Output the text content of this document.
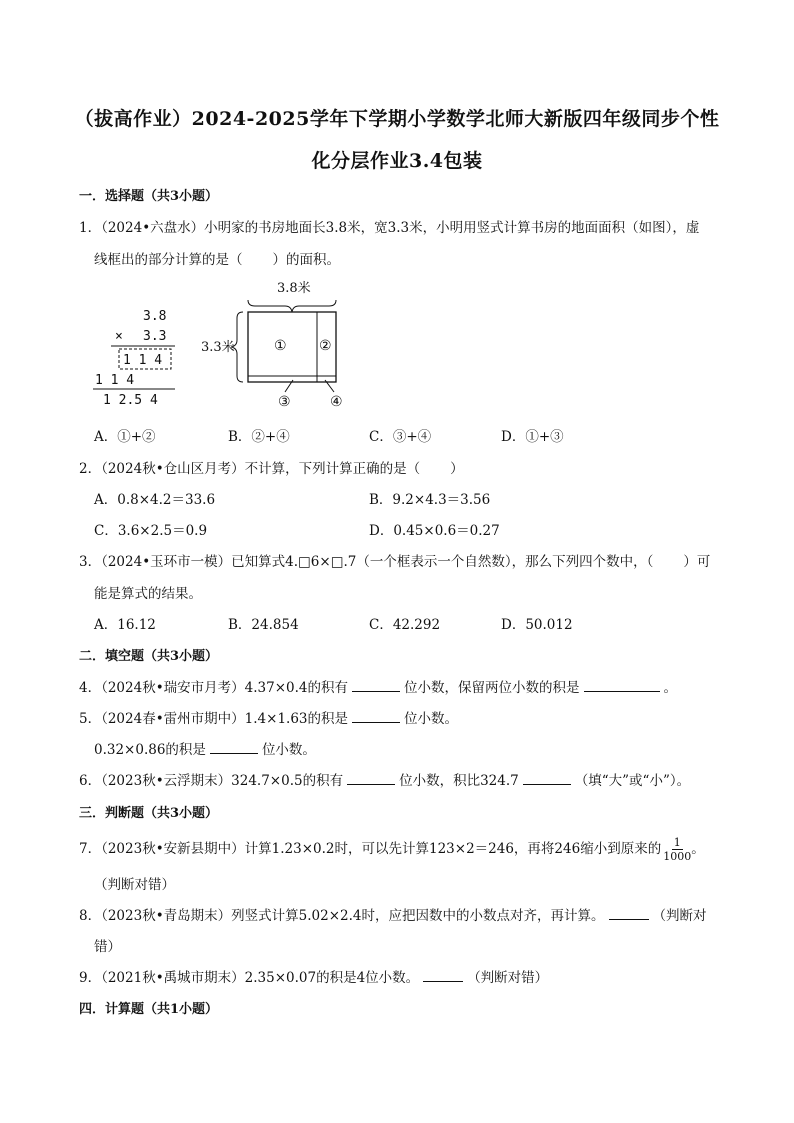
（拔高作业）2024-2025学年下学期小学数学北师大新版四年级同步个性
化分层作业3.4包装
一．选择题（共3小题）
1．（2024•六盘水）小明家的书房地面长3.8米，宽3.3米，小明用竖式计算书房的地面面积（如图），虚
线框出的部分计算的是（ ）的面积。
3.8
× 3.3
1 1 4
1 1 4
1 2.5 4
3.8米
3.3米	① ②
③	④
A．①+②	B．②+④	C．③+④	D．①+③
2．（2024秋•仓山区月考）不计算，下列计算正确的是（ ）
A．0.8×4.2＝33.6	B．9.2×4.3＝3.56
C．3.6×2.5＝0.9	D．0.45×0.6＝0.27
3．（2024•玉环市一模）已知算式4.□6×□.7（一个框表示一个自然数），那么下列四个数中，（ ）可
能是算式的结果。
A．16.12	B．24.854	C．42.292	D．50.012
二．填空题（共3小题）
4．（2024秋•瑞安市月考）4.37×0.4的积有	位小数，保留两位小数的积是	。
5．（2024春•雷州市期中）1.4×1.63的积是	位小数。
0.32×0.86的积是	位小数。
6．（2023秋•云浮期末）324.7×0.5的积有	位小数，积比324.7	（填“大”或“小”）。
三．判断题（共3小题）
7．（2023秋•安新县期中）计算1.23×0.2时，可以先计算123×2＝246，再将246缩小到原来的 $\frac{1}{1000}$ 。
（判断对错）
8．（2023秋•青岛期末）列竖式计算5.02×2.4时，应把因数中的小数点对齐，再计算。	（判断对
错）
9．（2021秋•禹城市期末）2.35×0.07的积是4位小数。	（判断对错）
四．计算题（共1小题）
